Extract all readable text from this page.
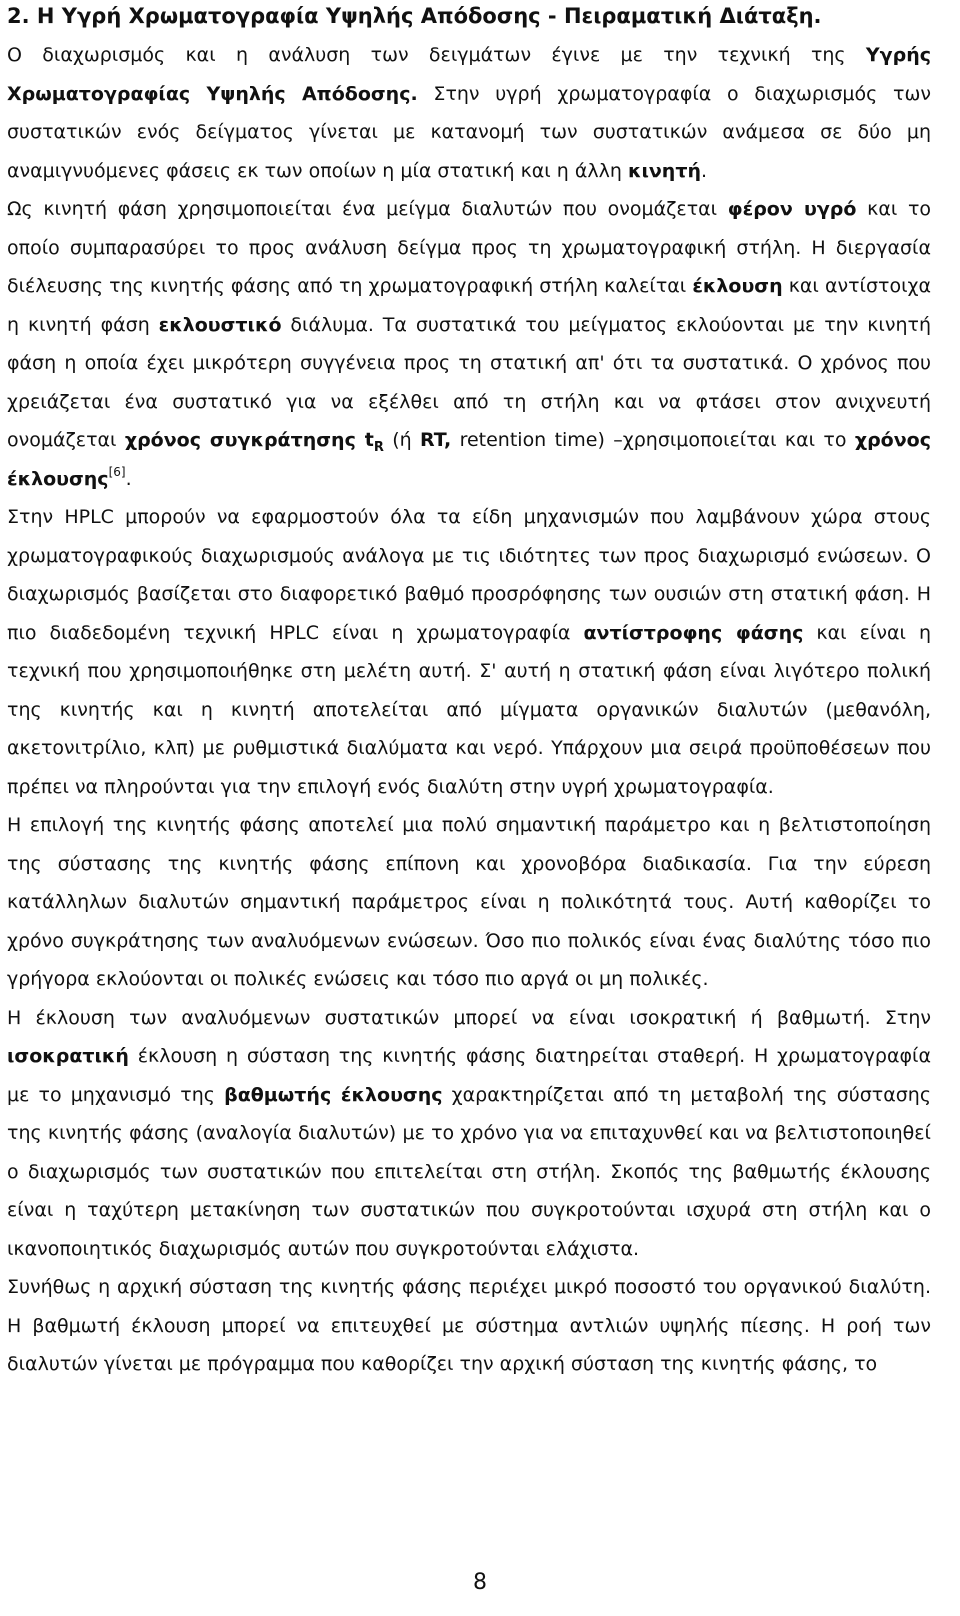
2. Η Υγρή Χρωματογραφία Υψηλής Απόδοσης - Πειραματική Διάταξη.

Ο διαχωρισμός και η ανάλυση των δειγμάτων έγινε με την τεχνική της Υγρής Χρωματογραφίας Υψηλής Απόδοσης. Στην υγρή χρωματογραφία ο διαχωρισμός των συστατικών ενός δείγματος γίνεται με κατανομή των συστατικών ανάμεσα σε δύο μη αναμιγνυόμενες φάσεις εκ των οποίων η μία στατική και η άλλη κινητή.

Ως κινητή φάση χρησιμοποιείται ένα μείγμα διαλυτών που ονομάζεται φέρον υγρό και το οποίο συμπαρασύρει το προς ανάλυση δείγμα προς τη χρωματογραφική στήλη. Η διεργασία διέλευσης της κινητής φάσης από τη χρωματογραφική στήλη καλείται έκλουση και αντίστοιχα η κινητή φάση εκλουστικό διάλυμα. Τα συστατικά του μείγματος εκλούονται με την κινητή φάση η οποία έχει μικρότερη συγγένεια προς τη στατική απ' ότι τα συστατικά. Ο χρόνος που χρειάζεται ένα συστατικό για να εξέλθει από τη στήλη και να φτάσει στον ανιχνευτή ονομάζεται χρόνος συγκράτησης $t_R$ (ή RT, retention time) –χρησιμοποιείται και το χρόνος έκλουσης[6].

Στην HPLC μπορούν να εφαρμοστούν όλα τα είδη μηχανισμών που λαμβάνουν χώρα στους χρωματογραφικούς διαχωρισμούς ανάλογα με τις ιδιότητες των προς διαχωρισμό ενώσεων. Ο διαχωρισμός βασίζεται στο διαφορετικό βαθμό προσρόφησης των ουσιών στη στατική φάση. Η πιο διαδεδομένη τεχνική HPLC είναι η χρωματογραφία αντίστροφης φάσης και είναι η τεχνική που χρησιμοποιήθηκε στη μελέτη αυτή. Σ' αυτή η στατική φάση είναι λιγότερο πολική της κινητής και η κινητή αποτελείται από μίγματα οργανικών διαλυτών (μεθανόλη, ακετονιτρίλιο, κλπ) με ρυθμιστικά διαλύματα και νερό. Υπάρχουν μια σειρά προϋποθέσεων που πρέπει να πληρούνται για την επιλογή ενός διαλύτη στην υγρή χρωματογραφία.

Η επιλογή της κινητής φάσης αποτελεί μια πολύ σημαντική παράμετρο και η βελτιστοποίηση της σύστασης της κινητής φάσης επίπονη και χρονοβόρα διαδικασία. Για την εύρεση κατάλληλων διαλυτών σημαντική παράμετρος είναι η πολικότητά τους. Αυτή καθορίζει το χρόνο συγκράτησης των αναλυόμενων ενώσεων. Όσο πιο πολικός είναι ένας διαλύτης τόσο πιο γρήγορα εκλούονται οι πολικές ενώσεις και τόσο πιο αργά οι μη πολικές.

Η έκλουση των αναλυόμενων συστατικών μπορεί να είναι ισοκρατική ή βαθμωτή. Στην ισοκρατική έκλουση η σύσταση της κινητής φάσης διατηρείται σταθερή. Η χρωματογραφία με το μηχανισμό της βαθμωτής έκλουσης χαρακτηρίζεται από τη μεταβολή της σύστασης της κινητής φάσης (αναλογία διαλυτών) με το χρόνο για να επιταχυνθεί και να βελτιστοποιηθεί ο διαχωρισμός των συστατικών που επιτελείται στη στήλη. Σκοπός της βαθμωτής έκλουσης είναι η ταχύτερη μετακίνηση των συστατικών που συγκροτούνται ισχυρά στη στήλη και ο ικανοποιητικός διαχωρισμός αυτών που συγκροτούνται ελάχιστα.

Συνήθως η αρχική σύσταση της κινητής φάσης περιέχει μικρό ποσοστό του οργανικού διαλύτη. Η βαθμωτή έκλουση μπορεί να επιτευχθεί με σύστημα αντλιών υψηλής πίεσης. Η ροή των διαλυτών γίνεται με πρόγραμμα που καθορίζει την αρχική σύσταση της κινητής φάσης, το

8
